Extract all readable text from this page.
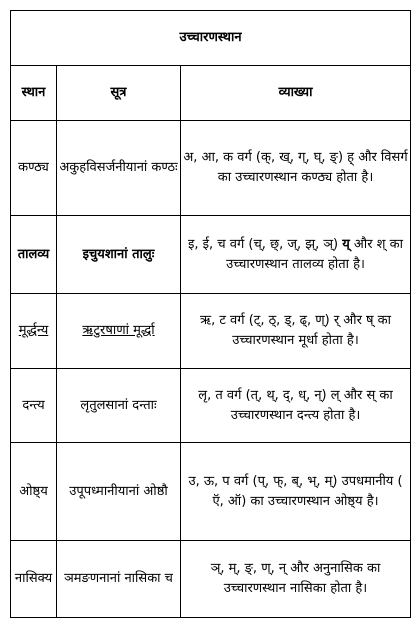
उच्चारणस्थान		
स्थान	सूत्र	व्याख्या
कण्ठ्य	अकुहविसर्जनीयानां कण्ठः	अ, आ, क वर्ग (क्, ख्, ग्, घ्, ङ्) ह् और विसर्ग का उच्चारणस्थान कण्ठ्य होता है।
तालव्य	इचुयशानां तालुः	इ, ई, च वर्ग (च्, छ्, ज्, झ्, ञ्) य् और श् का उच्चारणस्थान तालव्य होता है।
मूर्द्धन्य	ऋटुरषाणां मूर्द्धा	ऋ, ट वर्ग (ट्, ठ्, ड्, ढ्, ण्) र् और ष् का उच्चारणस्थान मूर्धा होता है।
दन्त्य	लृतुलसानां दन्ताः	लृ, त वर्ग (त्, थ्, द्, ध्, न्) ल् और स् का उच्चारणस्थान दन्त्य होता है।
ओष्ठ्य	उपूपध्मानीयानां ओष्ठौ	उ, ऊ, प वर्ग (प्, फ्, ब्, भ्, म्) उपधमानीय ( ऍ, ऑ) का उच्चारणस्थान ओष्ठ्य है।
नासिक्य	ञमङणनानां नासिका च	ञ्, म्, ङ्, ण्, न् और अनुनासिक का उच्चारणस्थान नासिका होता है।
